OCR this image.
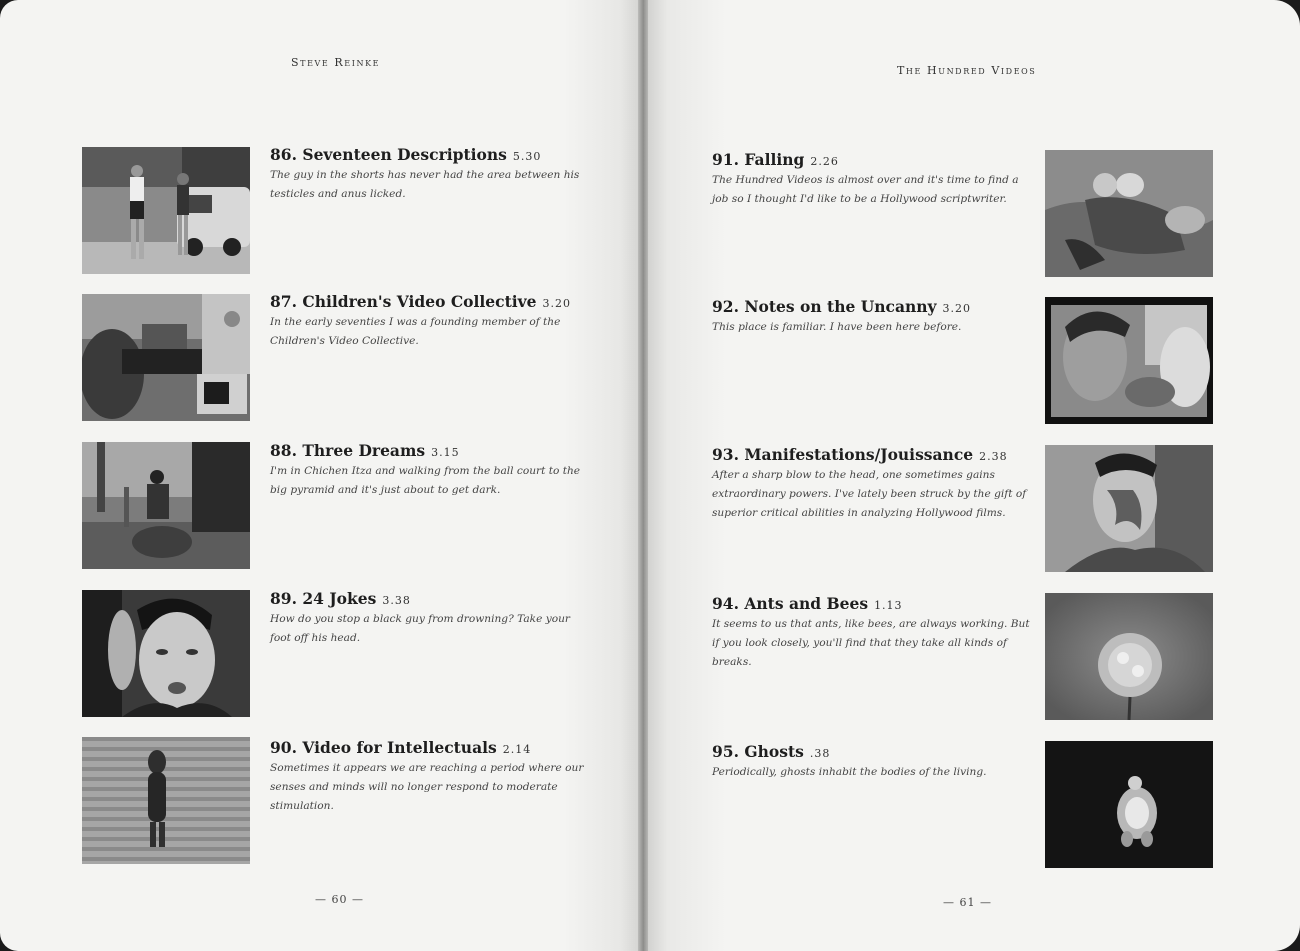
Steve Reinke

86. Seventeen Descriptions 5.30

The guy in the shorts has never had the area between his testicles and anus licked.

87. Children's Video Collective 3.20

In the early seventies I was a founding member of the Children's Video Collective.

88. Three Dreams 3.15

I'm in Chichen Itza and walking from the ball court to the big pyramid and it's just about to get dark.

89. 24 Jokes 3.38

How do you stop a black guy from drowning? Take your foot off his head.

90. Video for Intellectuals 2.14

Sometimes it appears we are reaching a period where our senses and minds will no longer respond to moderate stimulation.

— 60 —
The Hundred Videos

91. Falling 2.26

The Hundred Videos is almost over and it's time to find a job so I thought I'd like to be a Hollywood scriptwriter.

92. Notes on the Uncanny 3.20

This place is familiar. I have been here before.

93. Manifestations/Jouissance 2.38

After a sharp blow to the head, one sometimes gains extraordinary powers. I've lately been struck by the gift of superior critical abilities in analyzing Hollywood films.

94. Ants and Bees 1.13

It seems to us that ants, like bees, are always working. But if you look closely, you'll find that they take all kinds of breaks.

95. Ghosts .38

Periodically, ghosts inhabit the bodies of the living.

— 61 —
